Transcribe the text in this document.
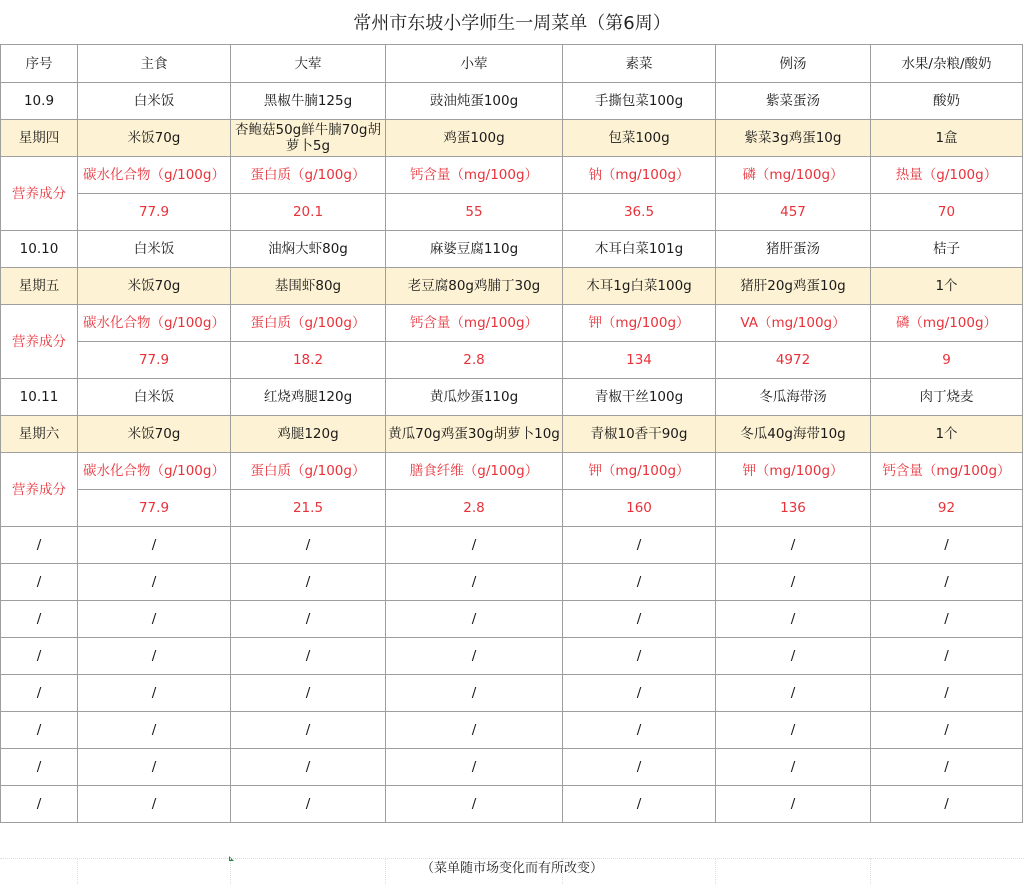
常州市东坡小学师生一周菜单（第6周）
序号	主食	大荤	小荤	素菜	例汤	水果/杂粮/酸奶
10.9	白米饭	黑椒牛腩125g	豉油炖蛋100g	手撕包菜100g	紫菜蛋汤	酸奶
星期四	米饭70g	杏鲍菇50g鲜牛腩70g胡萝卜5g	鸡蛋100g	包菜100g	紫菜3g鸡蛋10g	1盒
营养成分	碳水化合物（g/100g）	蛋白质（g/100g）	钙含量（mg/100g）	钠（mg/100g）	磷（mg/100g）	热量（g/100g）
	77.9	20.1	55	36.5	457	70
10.10	白米饭	油焖大虾80g	麻婆豆腐110g	木耳白菜101g	猪肝蛋汤	桔子
星期五	米饭70g	基围虾80g	老豆腐80g鸡脯丁30g	木耳1g白菜100g	猪肝20g鸡蛋10g	1个
营养成分	碳水化合物（g/100g）	蛋白质（g/100g）	钙含量（mg/100g）	钾（mg/100g）	VA（mg/100g）	磷（mg/100g）
	77.9	18.2	2.8	134	4972	9
10.11	白米饭	红烧鸡腿120g	黄瓜炒蛋110g	青椒干丝100g	冬瓜海带汤	肉丁烧麦
星期六	米饭70g	鸡腿120g	黄瓜70g鸡蛋30g胡萝卜10g	青椒10香干90g	冬瓜40g海带10g	1个
营养成分	碳水化合物（g/100g）	蛋白质（g/100g）	膳食纤维（g/100g）	钾（mg/100g）	钾（mg/100g）	钙含量（mg/100g）
	77.9	21.5	2.8	160	136	92
/	/	/	/	/	/	/
/	/	/	/	/	/	/
/	/	/	/	/	/	/
/	/	/	/	/	/	/
/	/	/	/	/	/	/
/	/	/	/	/	/	/
/	/	/	/	/	/	/
/	/	/	/	/	/	/
（菜单随市场变化而有所改变）
